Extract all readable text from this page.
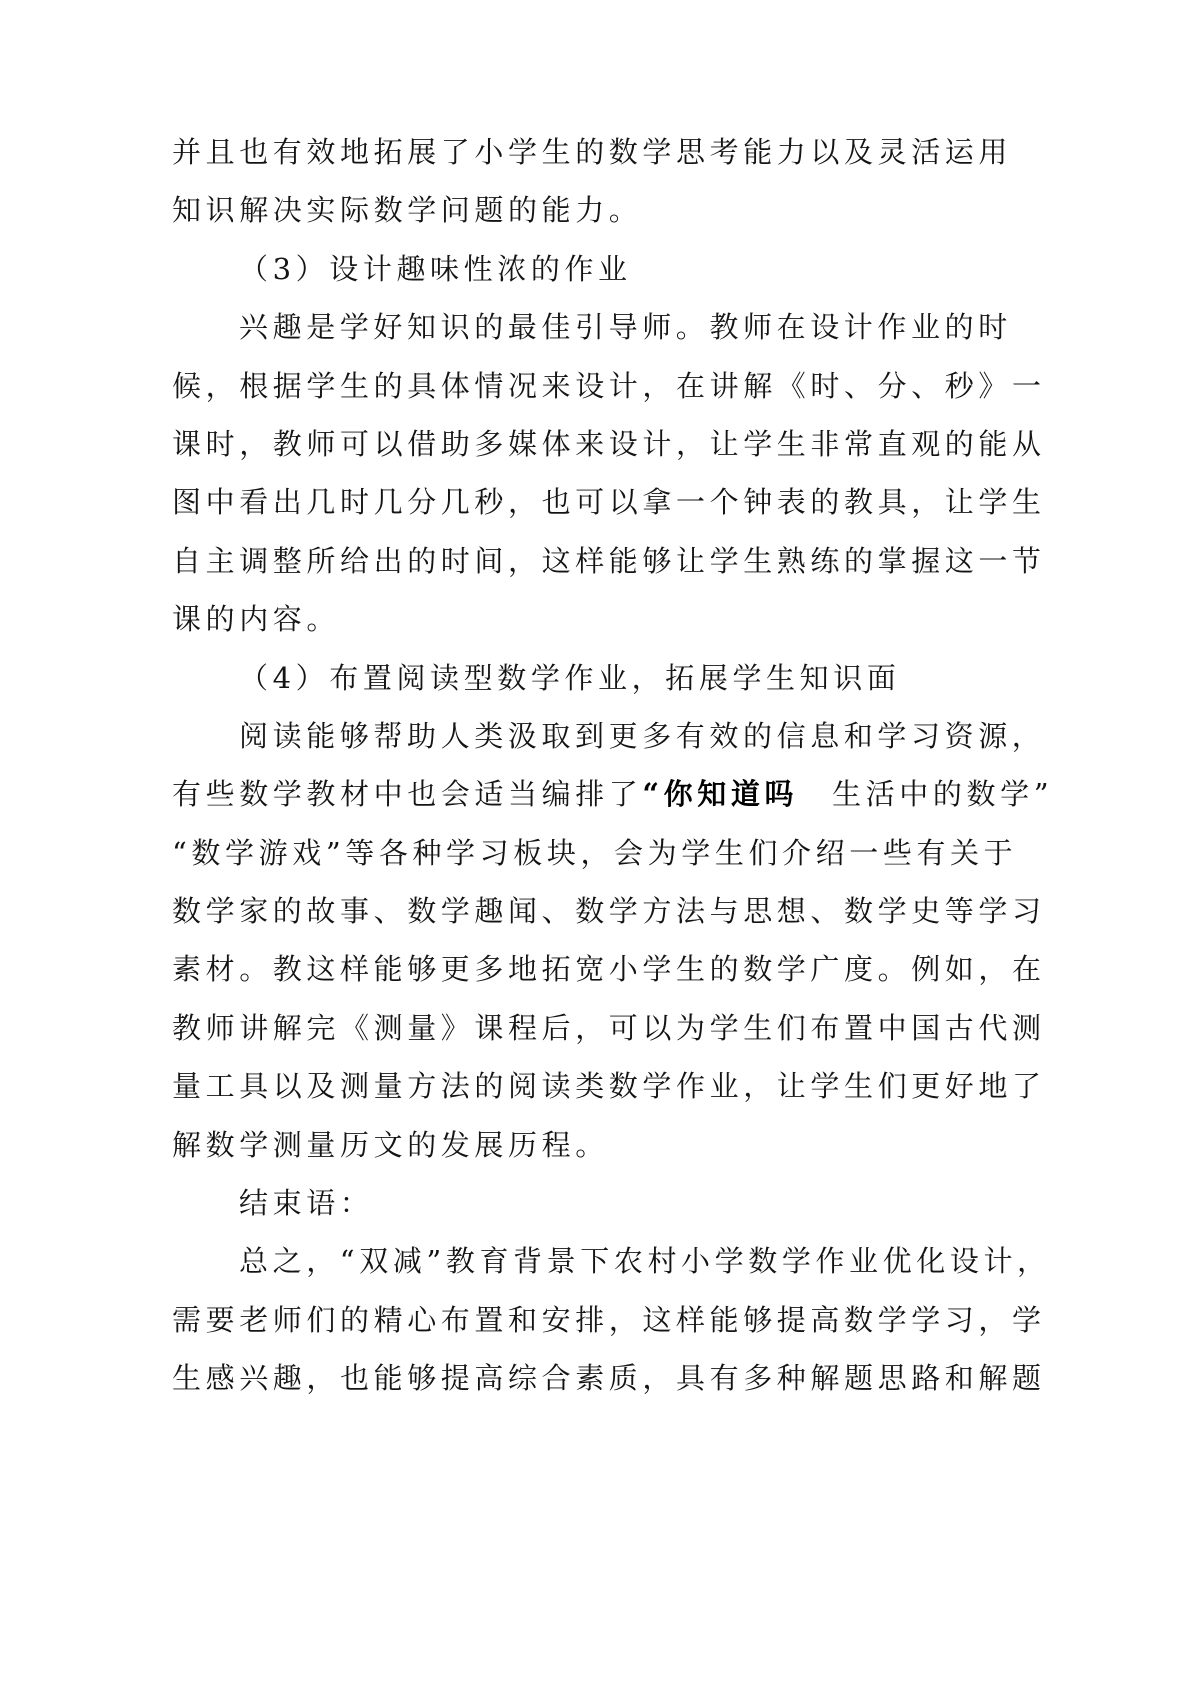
并且也有效地拓展了小学生的数学思考能力以及灵活运用
知识解决实际数学问题的能力。
（3）设计趣味性浓的作业
兴趣是学好知识的最佳引导师。教师在设计作业的时
候，根据学生的具体情况来设计，在讲解《时、分、秒》一
课时，教师可以借助多媒体来设计，让学生非常直观的能从
图中看出几时几分几秒，也可以拿一个钟表的教具，让学生
自主调整所给出的时间，这样能够让学生熟练的掌握这一节
课的内容。
（4）布置阅读型数学作业，拓展学生知识面
阅读能够帮助人类汲取到更多有效的信息和学习资源，
有些数学教材中也会适当编排了“你知道吗 生活中的数学”
“数学游戏”等各种学习板块，会为学生们介绍一些有关于
数学家的故事、数学趣闻、数学方法与思想、数学史等学习
素材。教这样能够更多地拓宽小学生的数学广度。例如，在
教师讲解完《测量》课程后，可以为学生们布置中国古代测
量工具以及测量方法的阅读类数学作业，让学生们更好地了
解数学测量历文的发展历程。
结束语：
总之，“双减”教育背景下农村小学数学作业优化设计，
需要老师们的精心布置和安排，这样能够提高数学学习，学
生感兴趣，也能够提高综合素质，具有多种解题思路和解题
